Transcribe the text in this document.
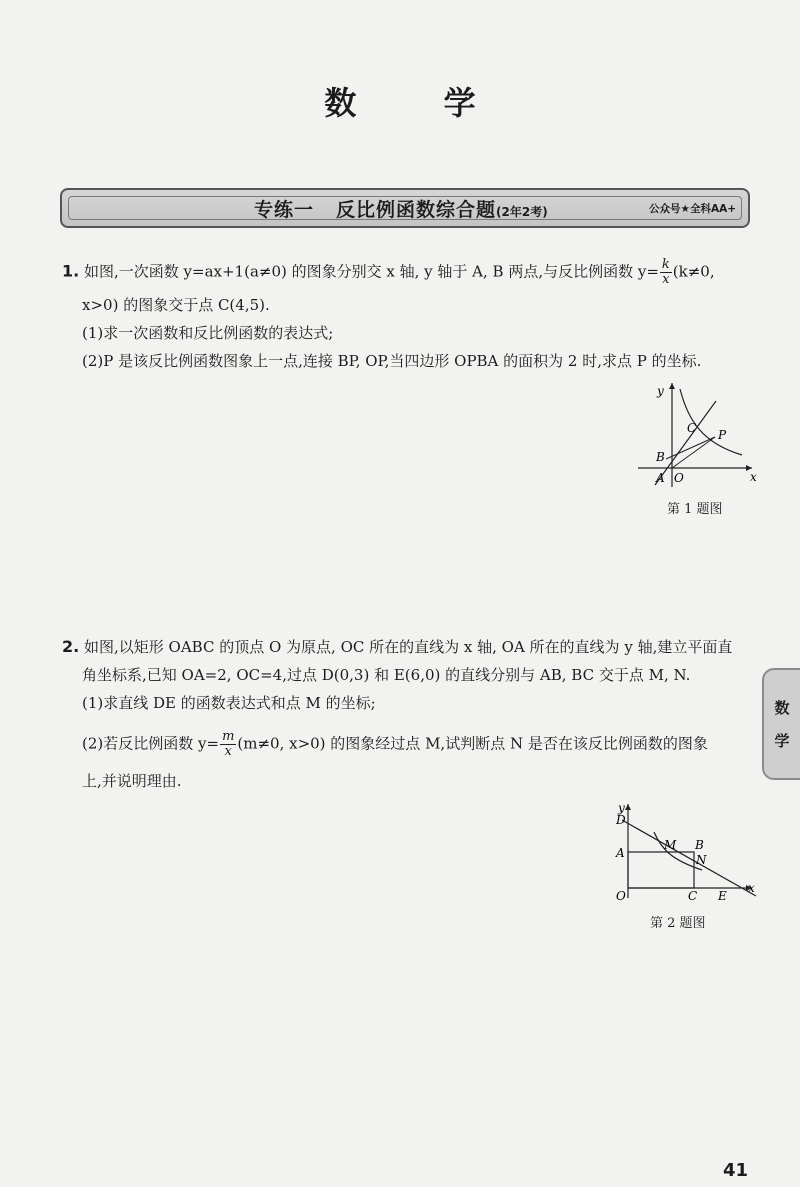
数 学
专练一 反比例函数综合题(2年2考)	公众号★全科AA+
1. 如图,一次函数 y=ax+1(a≠0) 的图象分别交 x 轴, y 轴于 A, B 两点,与反比例函数 $y= \frac{k}{x} (k\ne 0$,
x>0) 的图象交于点 C(4,5).
(1)求一次函数和反比例函数的表达式;
(2)P 是该反比例函数图象上一点,连接 BP, OP,当四边形 OPBA 的面积为 2 时,求点 P 的坐标.
y
x
B
A O
C P
第 1 题图
2. 如图,以矩形 OABC 的顶点 O 为原点, OC 所在的直线为 x 轴, OA 所在的直线为 y 轴,建立平面直
角坐标系,已知 OA=2, OC=4,过点 D(0,3) 和 E(6,0) 的直线分别与 AB, BC 交于点 M, N.
(1)求直线 DE 的函数表达式和点 M 的坐标;
(2)若反比例函数 $y= \frac{m}{x} (m\ne 0$, x>0) 的图象经过点 M,试判断点 N 是否在该反比例函数的图象
上,并说明理由.
y
D
A
M B
N
O	C E
x
第 2 题图
数
学
41
